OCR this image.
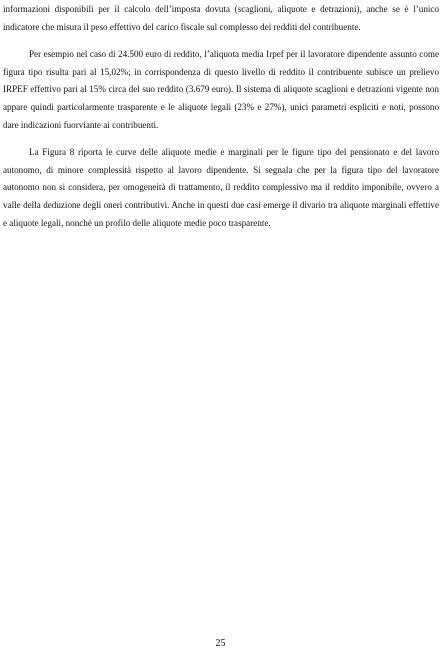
informazioni disponibili per il calcolo dell’imposta dovuta (scaglioni, aliquote e detrazioni), anche se è l’unico indicatore che misura il peso effettivo del carico fiscale sul complesso dei redditi del contribuente.

Per esempio nel caso di 24.500 euro di reddito, l’aliquota media Irpef per il lavoratore dipendente assunto come figura tipo risulta pari al 15,02%; in corrispondenza di questo livello di reddito il contribuente subisce un prelievo IRPEF effettivo pari al 15% circa del suo reddito (3.679 euro). Il sistema di aliquote scaglioni e detrazioni vigente non appare quindi particolarmente trasparente e le aliquote legali (23% e 27%), unici parametri espliciti e noti, possono dare indicazioni fuorviante ai contribuenti.

La Figura 8 riporta le curve delle aliquote medie e marginali per le figure tipo del pensionato e del lavoro autonomo, di minore complessità rispetto al lavoro dipendente. Si segnala che per la figura tipo del lavoratore autonomo non si considera, per omogeneità di trattamento, il reddito complessivo ma il reddito imponibile, ovvero a valle della deduzione degli oneri contributivi. Anche in questi due casi emerge il divario tra aliquote marginali effettive e aliquote legali, nonché un profilo delle aliquote medie poco trasparente.

25
